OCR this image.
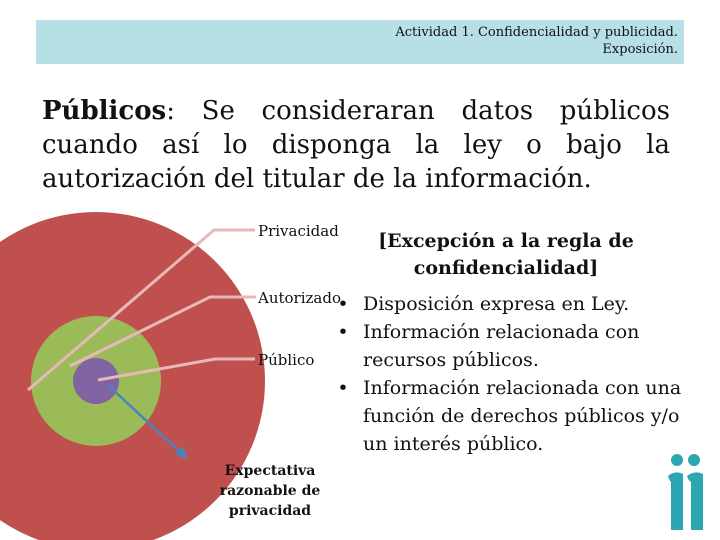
Actividad 1. Confidencialidad y publicidad.
Exposición.
Públicos: Se consideraran datos públicos cuando así lo disponga la ley o bajo la autorización del titular de la información.
Privacidad
Autorizado
Público
Expectativa razonable de privacidad
[Excepción a la regla de confidencialidad]
• Disposición expresa en Ley.
• Información relacionada con recursos públicos.
• Información relacionada con una función de derechos públicos y/o un interés público.
